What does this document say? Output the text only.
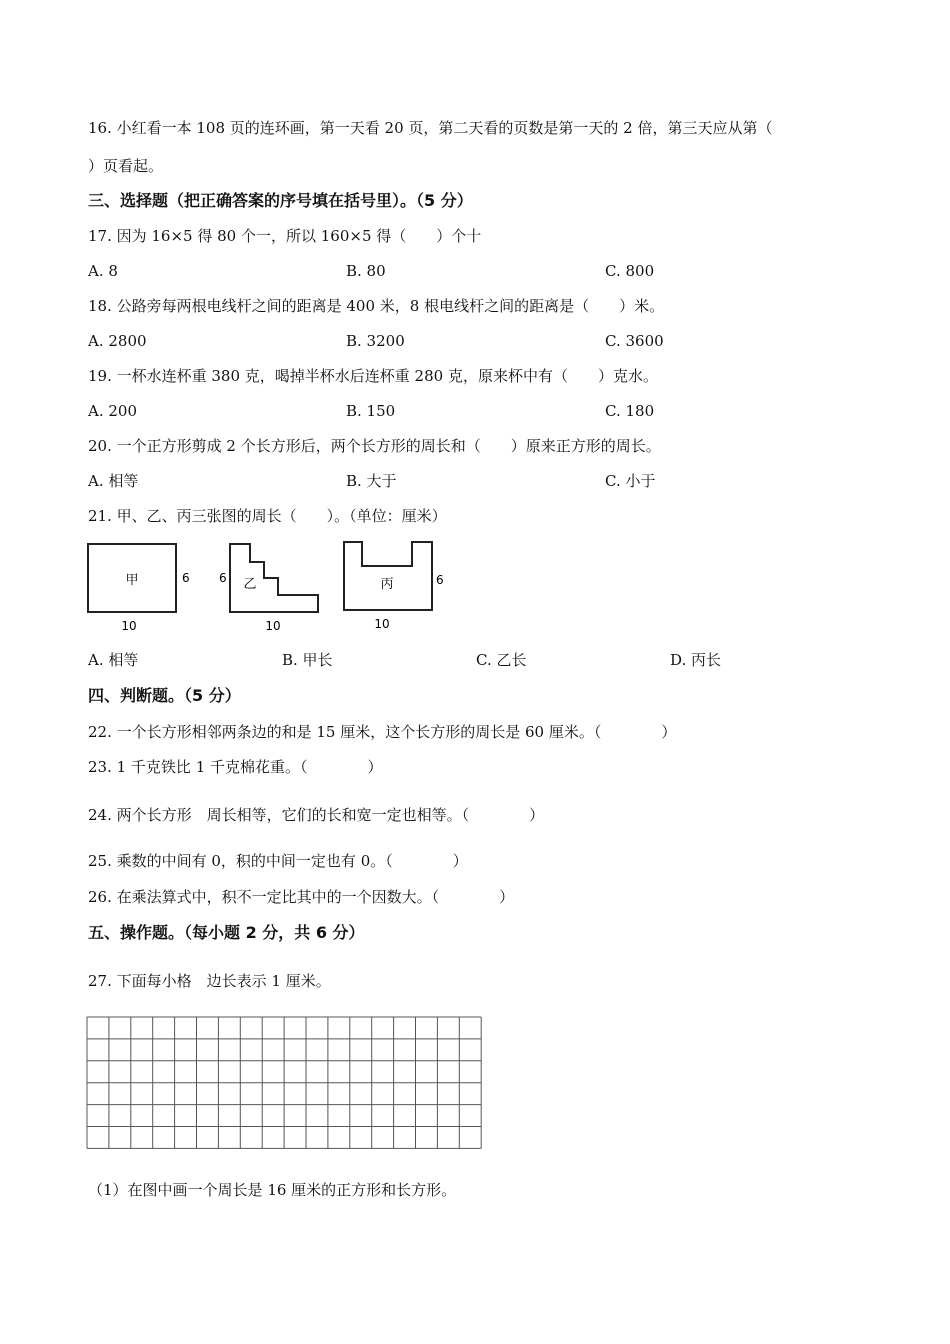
16. 小红看一本 108 页的连环画，第一天看 20 页，第二天看的页数是第一天的 2 倍，第三天应从第（
）页看起。
三、选择题（把正确答案的序号填在括号里）。（5 分）
17. 因为 16×5 得 80 个一，所以 160×5 得（　　）个十
A. 8	B. 80	C. 800
18. 公路旁每两根电线杆之间的距离是 400 米，8 根电线杆之间的距离是（　　）米。
A. 2800	B. 3200	C. 3600
19. 一杯水连杯重 380 克，喝掉半杯水后连杯重 280 克，原来杯中有（　　）克水。
A. 200	B. 150	C. 180
20. 一个正方形剪成 2 个长方形后，两个长方形的周长和（　　）原来正方形的周长。
A. 相等	B. 大于	C. 小于
21. 甲、乙、丙三张图的周长（　　）。（单位：厘米）
甲	6
10
乙
6
10
丙	6
10
A. 相等	B. 甲长	C. 乙长	D. 丙长
四、判断题。（5 分）
22. 一个长方形相邻两条边的和是 15 厘米，这个长方形的周长是 60 厘米。（　　　　）
23. 1 千克铁比 1 千克棉花重。（　　　　）
24. 两个长方形　周长相等，它们的长和宽一定也相等。（　　　　）
25. 乘数的中间有 0，积的中间一定也有 0。（　　　　）
26. 在乘法算式中，积不一定比其中的一个因数大。（　　　　）
五、操作题。（每小题 2 分，共 6 分）
27. 下面每小格　边长表示 1 厘米。
（1）在图中画一个周长是 16 厘米的正方形和长方形。
